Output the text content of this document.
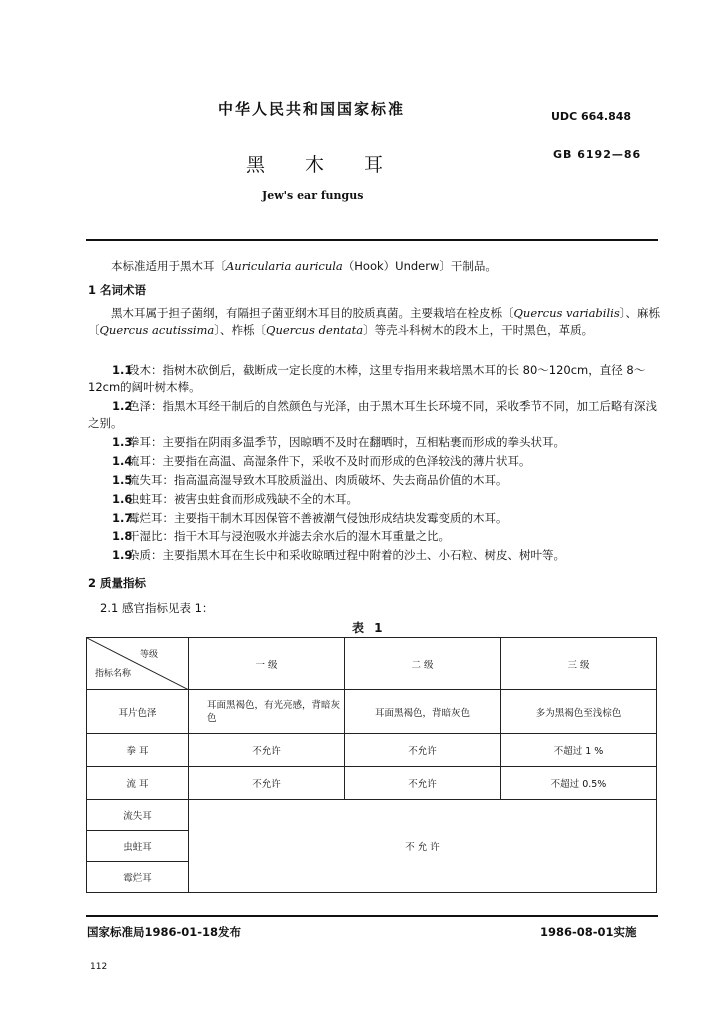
中华人民共和国国家标准	UDC 664.848
黑木耳	GB 6192—86
Jew's ear fungus
本标准适用于黑木耳〔Auricularia auricula（Hook）Underw〕干制品。
1 名词术语
黑木耳属于担子菌纲，有隔担子菌亚纲木耳目的胶质真菌。主要栽培在栓皮栎〔Quercus variabilis〕、麻栎〔Quercus acutissima〕、柞栎〔Quercus dentata〕等壳斗科树木的段木上，干时黑色，革质。
1.1段木：指树木砍倒后，截断成一定长度的木棒，这里专指用来栽培黑木耳的长 80～120cm，直径 8～12cm的阔叶树木棒。
1.2色泽：指黑木耳经干制后的自然颜色与光泽，由于黑木耳生长环境不同，采收季节不同，加工后略有深浅之别。
1.3拳耳：主要指在阴雨多温季节，因晾晒不及时在翻晒时，互相粘裹而形成的拳头状耳。
1.4流耳：主要指在高温、高湿条件下，采收不及时而形成的色泽较浅的薄片状耳。
1.5流失耳：指高温高湿导致木耳胶质溢出、肉质破坏、失去商品价值的木耳。
1.6虫蛀耳：被害虫蛀食而形成残缺不全的木耳。
1.7霉烂耳：主要指干制木耳因保管不善被潮气侵蚀形成结块发霉变质的木耳。
1.8干湿比：指干木耳与浸泡吸水并滤去余水后的湿木耳重量之比。
1.9杂质：主要指黑木耳在生长中和采收晾晒过程中附着的沙土、小石粒、树皮、树叶等。
2 质量指标
2.1 感官指标见表 1：
表 1
等级
指标名称	一 级	二 级	三 级
耳片色泽	耳面黑褐色，有光亮感，背暗灰色	耳面黑褐色，背暗灰色	多为黑褐色至浅棕色
拳 耳	不允许	不允许	不超过 1 %
流 耳	不允许	不允许	不超过 0.5%
流失耳	不 允 许		
虫蛀耳			
霉烂耳			
国家标准局1986-01-18发布	1986-08-01实施
112
